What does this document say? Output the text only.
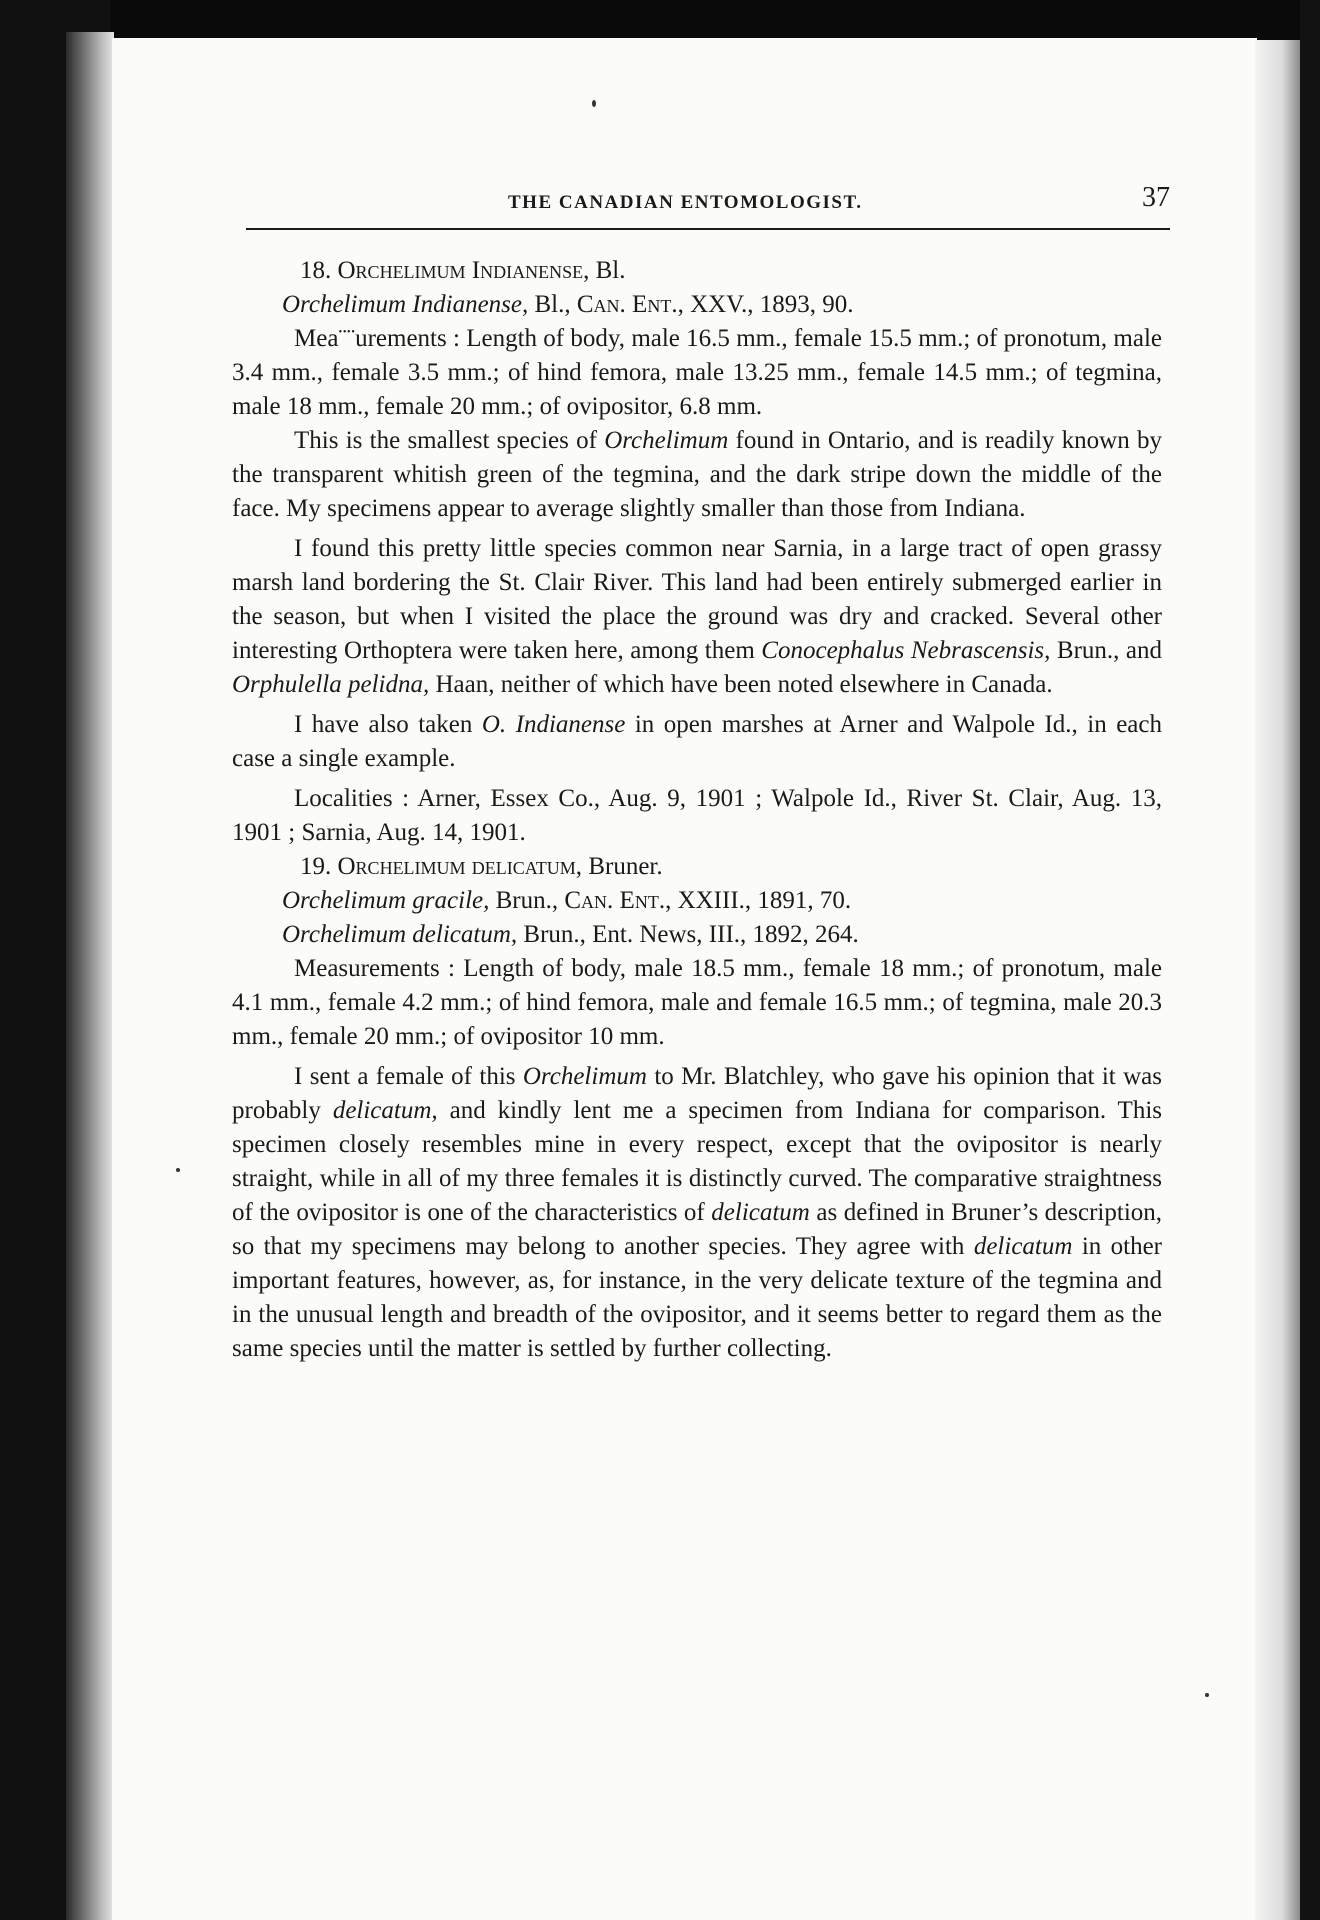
THE CANADIAN ENTOMOLOGIST.	37

18. Orchelimum Indianense, Bl.

Orchelimum Indianense, Bl., Can. Ent., XXV., 1893, 90.

Mea¨¨urements : Length of body, male 16.5 mm., female 15.5 mm.; of pronotum, male 3.4 mm., female 3.5 mm.; of hind femora, male 13.25 mm., female 14.5 mm.; of tegmina, male 18 mm., female 20 mm.; of ovipositor, 6.8 mm.

This is the smallest species of Orchelimum found in Ontario, and is readily known by the transparent whitish green of the tegmina, and the dark stripe down the middle of the face. My specimens appear to average slightly smaller than those from Indiana.

I found this pretty little species common near Sarnia, in a large tract of open grassy marsh land bordering the St. Clair River. This land had been entirely submerged earlier in the season, but when I visited the place the ground was dry and cracked. Several other interesting Orthoptera were taken here, among them Conocephalus Nebrascensis, Brun., and Orphulella pelidna, Haan, neither of which have been noted elsewhere in Canada.

I have also taken O. Indianense in open marshes at Arner and Walpole Id., in each case a single example.

Localities : Arner, Essex Co., Aug. 9, 1901 ; Walpole Id., River St. Clair, Aug. 13, 1901 ; Sarnia, Aug. 14, 1901.

19. Orchelimum delicatum, Bruner.

Orchelimum gracile, Brun., Can. Ent., XXIII., 1891, 70.

Orchelimum delicatum, Brun., Ent. News, III., 1892, 264.

Measurements : Length of body, male 18.5 mm., female 18 mm.; of pronotum, male 4.1 mm., female 4.2 mm.; of hind femora, male and female 16.5 mm.; of tegmina, male 20.3 mm., female 20 mm.; of ovipositor 10 mm.

I sent a female of this Orchelimum to Mr. Blatchley, who gave his opinion that it was probably delicatum, and kindly lent me a specimen from Indiana for comparison. This specimen closely resembles mine in every respect, except that the ovipositor is nearly straight, while in all of my three females it is distinctly curved. The comparative straightness of the ovipositor is one of the characteristics of delicatum as defined in Bruner’s description, so that my specimens may belong to another species. They agree with delicatum in other important features, however, as, for instance, in the very delicate texture of the tegmina and in the unusual length and breadth of the ovipositor, and it seems better to regard them as the same species until the matter is settled by further collecting.
